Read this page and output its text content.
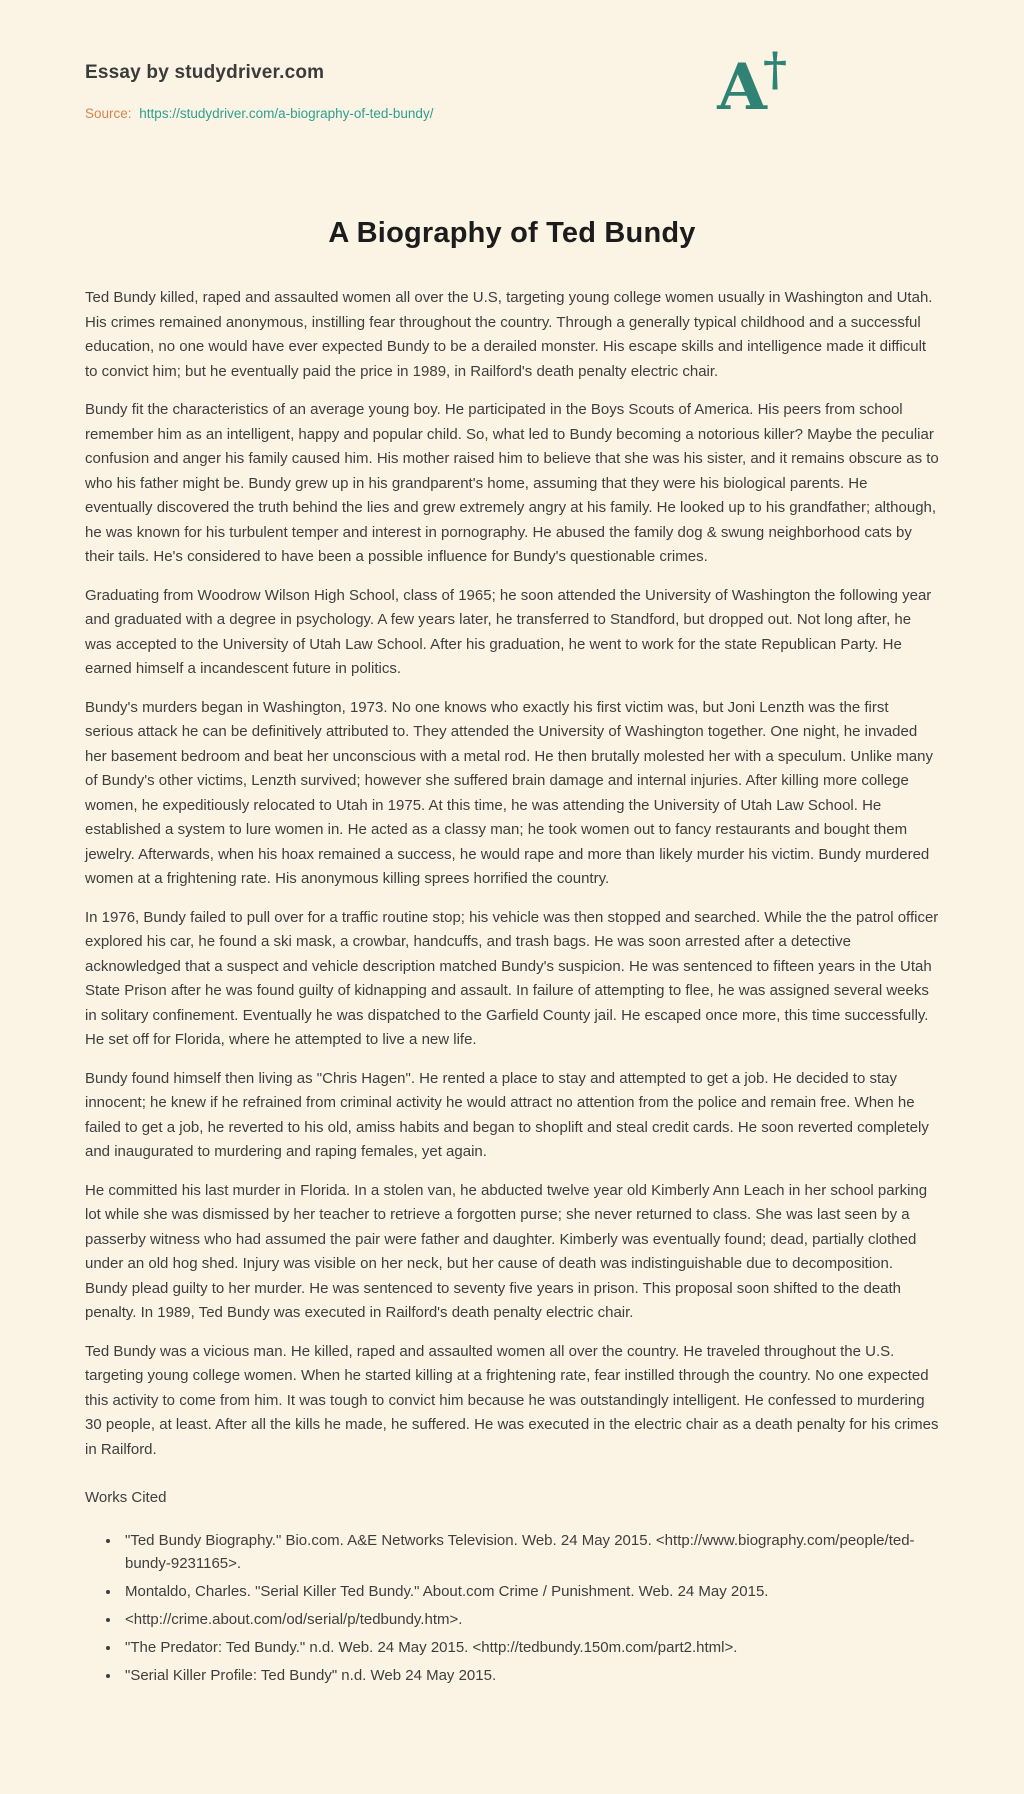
Essay by studydriver.com
Source: https://studydriver.com/a-biography-of-ted-bundy/	A
†
A Biography of Ted Bundy

Ted Bundy killed, raped and assaulted women all over the U.S, targeting young college women usually in Washington and Utah. His crimes remained anonymous, instilling fear throughout the country. Through a generally typical childhood and a successful education, no one would have ever expected Bundy to be a derailed monster. His escape skills and intelligence made it difficult to convict him; but he eventually paid the price in 1989, in Railford's death penalty electric chair.

Bundy fit the characteristics of an average young boy. He participated in the Boys Scouts of America. His peers from school remember him as an intelligent, happy and popular child. So, what led to Bundy becoming a notorious killer? Maybe the peculiar confusion and anger his family caused him. His mother raised him to believe that she was his sister, and it remains obscure as to who his father might be. Bundy grew up in his grandparent's home, assuming that they were his biological parents. He eventually discovered the truth behind the lies and grew extremely angry at his family. He looked up to his grandfather; although, he was known for his turbulent temper and interest in pornography. He abused the family dog & swung neighborhood cats by their tails. He's considered to have been a possible influence for Bundy's questionable crimes.

Graduating from Woodrow Wilson High School, class of 1965; he soon attended the University of Washington the following year and graduated with a degree in psychology. A few years later, he transferred to Standford, but dropped out. Not long after, he was accepted to the University of Utah Law School. After his graduation, he went to work for the state Republican Party. He earned himself a incandescent future in politics.

Bundy's murders began in Washington, 1973. No one knows who exactly his first victim was, but Joni Lenzth was the first serious attack he can be definitively attributed to. They attended the University of Washington together. One night, he invaded her basement bedroom and beat her unconscious with a metal rod. He then brutally molested her with a speculum. Unlike many of Bundy's other victims, Lenzth survived; however she suffered brain damage and internal injuries. After killing more college women, he expeditiously relocated to Utah in 1975. At this time, he was attending the University of Utah Law School. He established a system to lure women in. He acted as a classy man; he took women out to fancy restaurants and bought them jewelry. Afterwards, when his hoax remained a success, he would rape and more than likely murder his victim. Bundy murdered women at a frightening rate. His anonymous killing sprees horrified the country.

In 1976, Bundy failed to pull over for a traffic routine stop; his vehicle was then stopped and searched. While the the patrol officer explored his car, he found a ski mask, a crowbar, handcuffs, and trash bags. He was soon arrested after a detective acknowledged that a suspect and vehicle description matched Bundy's suspicion. He was sentenced to fifteen years in the Utah State Prison after he was found guilty of kidnapping and assault. In failure of attempting to flee, he was assigned several weeks in solitary confinement. Eventually he was dispatched to the Garfield County jail. He escaped once more, this time successfully. He set off for Florida, where he attempted to live a new life.

Bundy found himself then living as "Chris Hagen". He rented a place to stay and attempted to get a job. He decided to stay innocent; he knew if he refrained from criminal activity he would attract no attention from the police and remain free. When he failed to get a job, he reverted to his old, amiss habits and began to shoplift and steal credit cards. He soon reverted completely and inaugurated to murdering and raping females, yet again.

He committed his last murder in Florida. In a stolen van, he abducted twelve year old Kimberly Ann Leach in her school parking lot while she was dismissed by her teacher to retrieve a forgotten purse; she never returned to class. She was last seen by a passerby witness who had assumed the pair were father and daughter. Kimberly was eventually found; dead, partially clothed under an old hog shed. Injury was visible on her neck, but her cause of death was indistinguishable due to decomposition. Bundy plead guilty to her murder. He was sentenced to seventy five years in prison. This proposal soon shifted to the death penalty. In 1989, Ted Bundy was executed in Railford's death penalty electric chair.

Ted Bundy was a vicious man. He killed, raped and assaulted women all over the country. He traveled throughout the U.S. targeting young college women. When he started killing at a frightening rate, fear instilled through the country. No one expected this activity to come from him. It was tough to convict him because he was outstandingly intelligent. He confessed to murdering 30 people, at least. After all the kills he made, he suffered. He was executed in the electric chair as a death penalty for his crimes in Railford.

Works Cited

• "Ted Bundy Biography." Bio.com. A&E Networks Television. Web. 24 May 2015. <http://www.biography.com/people/ted-bundy-9231165>.
• Montaldo, Charles. "Serial Killer Ted Bundy." About.com Crime / Punishment. Web. 24 May 2015.
• <http://crime.about.com/od/serial/p/tedbundy.htm>.
• "The Predator: Ted Bundy." n.d. Web. 24 May 2015. <http://tedbundy.150m.com/part2.html>.
• "Serial Killer Profile: Ted Bundy" n.d. Web 24 May 2015.
